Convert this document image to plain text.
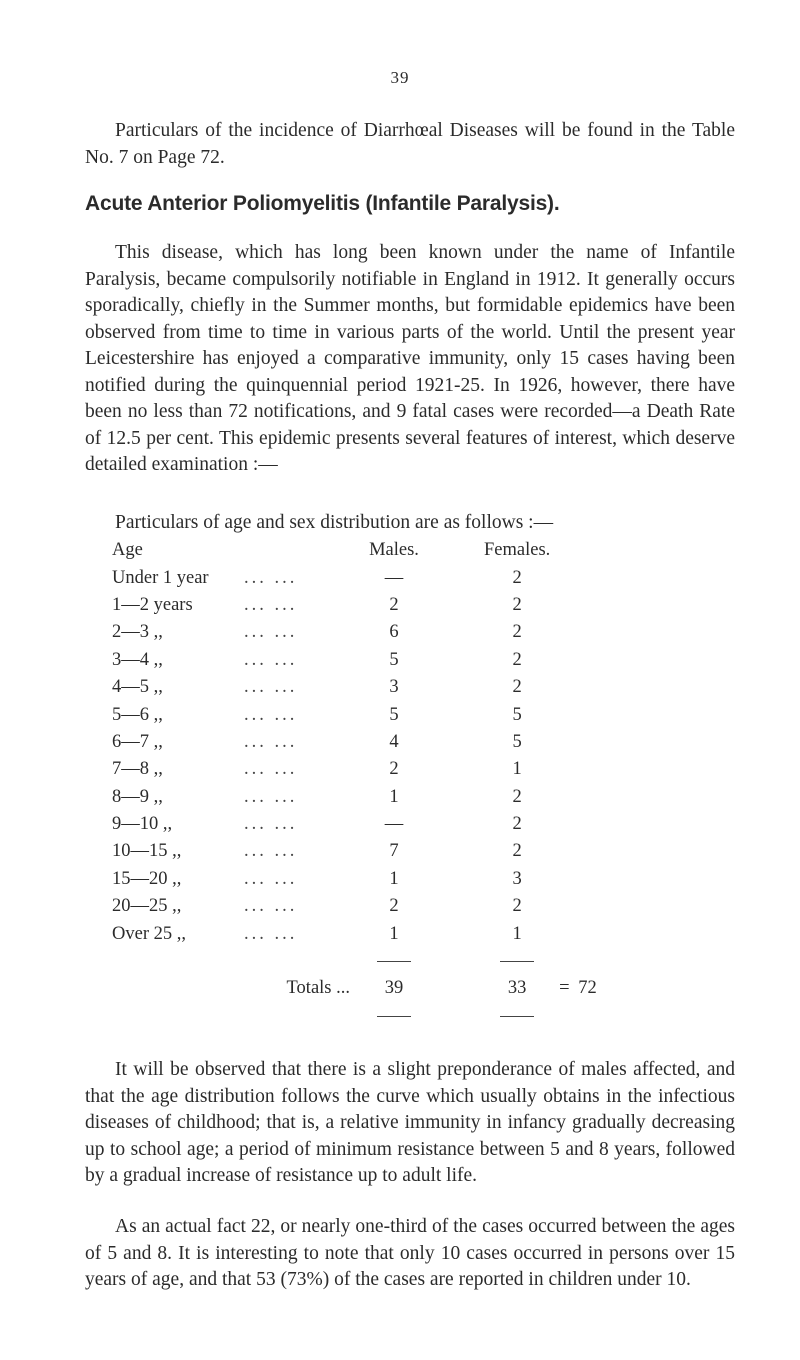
39

Particulars of the incidence of Diarrhœal Diseases will be found in the Table No. 7 on Page 72.

Acute Anterior Poliomyelitis (Infantile Paralysis).

This disease, which has long been known under the name of Infantile Paralysis, became compulsorily notifiable in England in 1912. It generally occurs sporadically, chiefly in the Summer months, but formidable epidemics have been observed from time to time in various parts of the world. Until the present year Leicestershire has enjoyed a comparative immunity, only 15 cases having been notified during the quinquennial period 1921-25. In 1926, however, there have been no less than 72 notifications, and 9 fatal cases were recorded—a Death Rate of 12.5 per cent. This epidemic presents several features of interest, which deserve detailed examination :—

Particulars of age and sex distribution are as follows :—

Age		Males.		Females.		
Under 1 year	... ...	—		2		
1—2 years	... ...	2		2		
2—3 ,,	... ...	6		2		
3—4 ,,	... ...	5		2		
4—5 ,,	... ...	3		2		
5—6 ,,	... ...	5		5		
6—7 ,,	... ...	4		5		
7—8 ,,	... ...	2		1		
8—9 ,,	... ...	1		2		
9—10 ,,	... ...	—		2		
10—15 ,,	... ...	7		2		
15—20 ,,	... ...	1		3		
20—25 ,,	... ...	2		2		
Over 25 ,,	... ...	1		1		

Totals ...		39		33	=	72

It will be observed that there is a slight preponderance of males affected, and that the age distribution follows the curve which usually obtains in the infectious diseases of childhood; that is, a relative immunity in infancy gradually decreasing up to school age; a period of minimum resistance between 5 and 8 years, followed by a gradual increase of resistance up to adult life.

As an actual fact 22, or nearly one-third of the cases occurred between the ages of 5 and 8. It is interesting to note that only 10 cases occurred in persons over 15 years of age, and that 53 (73%) of the cases are reported in children under 10.
